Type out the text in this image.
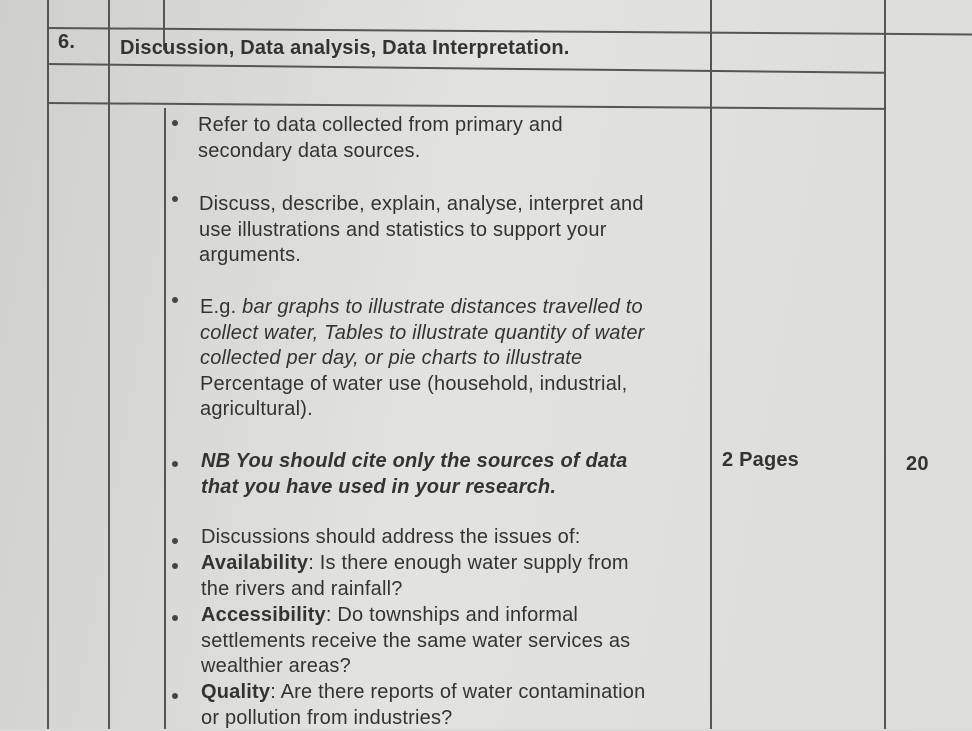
6. Discussion, Data analysis, Data Interpretation.
2 Pages	20
Refer to data collected from primary and
secondary data sources.
Discuss, describe, explain, analyse, interpret and
use illustrations and statistics to support your
arguments.
E.g. bar graphs to illustrate distances travelled to
collect water, Tables to illustrate quantity of water
collected per day, or pie charts to illustrate
Percentage of water use (household, industrial,
agricultural).
NB You should cite only the sources of data
that you have used in your research.
Discussions should address the issues of:
Availability: Is there enough water supply from
the rivers and rainfall?
Accessibility: Do townships and informal
settlements receive the same water services as
wealthier areas?
Quality: Are there reports of water contamination
or pollution from industries?
